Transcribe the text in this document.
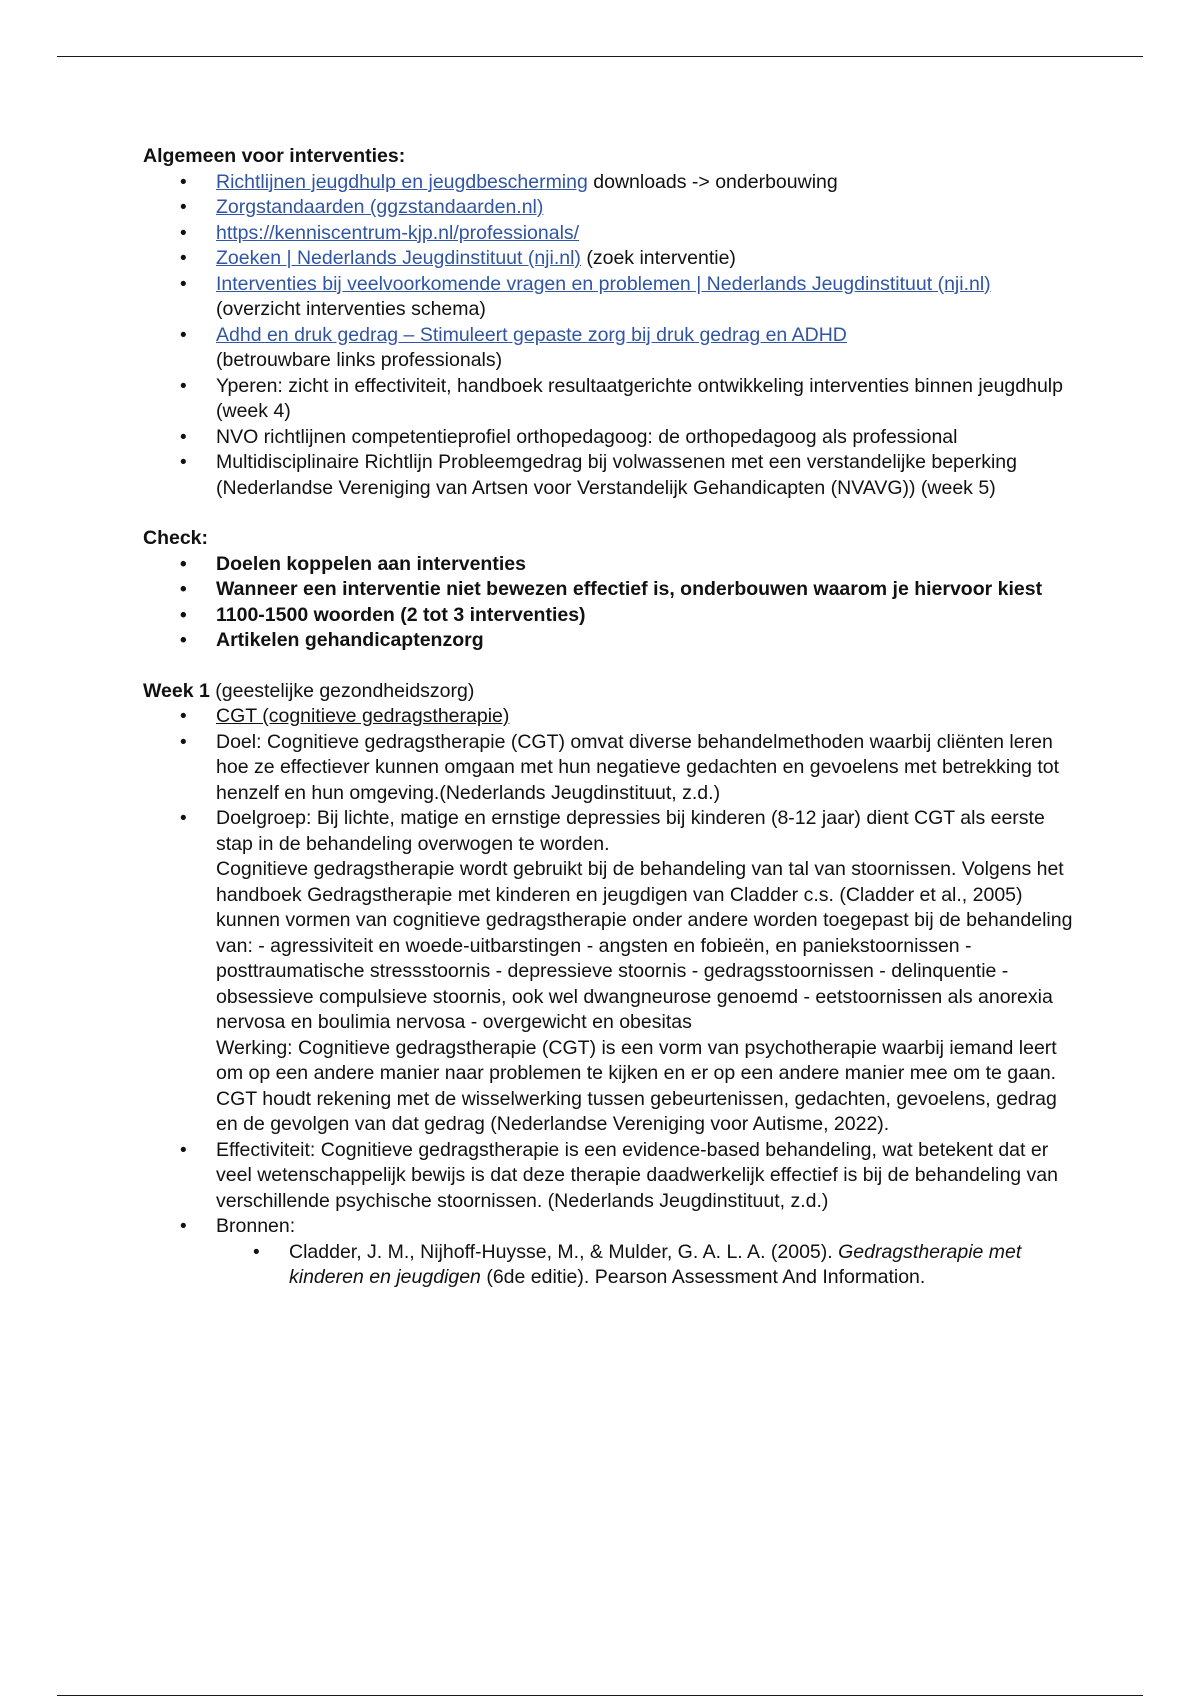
Algemeen voor interventies:

• Richtlijnen jeugdhulp en jeugdbescherming downloads -> onderbouwing
• Zorgstandaarden (ggzstandaarden.nl)
• https://kenniscentrum-kjp.nl/professionals/
• Zoeken | Nederlands Jeugdinstituut (nji.nl) (zoek interventie)
• Interventies bij veelvoorkomende vragen en problemen | Nederlands Jeugdinstituut (nji.nl) (overzicht interventies schema)
• Adhd en druk gedrag – Stimuleert gepaste zorg bij druk gedrag en ADHD
(betrouwbare links professionals)
• Yperen: zicht in effectiviteit, handboek resultaatgerichte ontwikkeling interventies binnen jeugdhulp (week 4)
• NVO richtlijnen competentieprofiel orthopedagoog: de orthopedagoog als professional
• Multidisciplinaire Richtlijn Probleemgedrag bij volwassenen met een verstandelijke beperking (Nederlandse Vereniging van Artsen voor Verstandelijk Gehandicapten (NVAVG)) (week 5)

Check:

• Doelen koppelen aan interventies
• Wanneer een interventie niet bewezen effectief is, onderbouwen waarom je hiervoor kiest
• 1100-1500 woorden (2 tot 3 interventies)
• Artikelen gehandicaptenzorg

Week 1 (geestelijke gezondheidszorg)

• CGT (cognitieve gedragstherapie)
• Doel: Cognitieve gedragstherapie (CGT) omvat diverse behandelmethoden waarbij cliënten leren hoe ze effectiever kunnen omgaan met hun negatieve gedachten en gevoelens met betrekking tot henzelf en hun omgeving.(Nederlands Jeugdinstituut, z.d.)

• Doelgroep: Bij lichte, matige en ernstige depressies bij kinderen (8-12 jaar) dient CGT als eerste stap in de behandeling overwogen te worden.

Cognitieve gedragstherapie wordt gebruikt bij de behandeling van tal van stoornissen. Volgens het handboek Gedragstherapie met kinderen en jeugdigen van Cladder c.s. (Cladder et al., 2005) kunnen vormen van cognitieve gedragstherapie onder andere worden toegepast bij de behandeling van: - agressiviteit en woede-uitbarstingen - angsten en fobieën, en paniekstoornissen - posttraumatische stressstoornis - depressieve stoornis - gedragsstoornissen - delinquentie - obsessieve compulsieve stoornis, ook wel dwangneurose genoemd - eetstoornissen als anorexia nervosa en boulimia nervosa - overgewicht en obesitas

Werking: Cognitieve gedragstherapie (CGT) is een vorm van psychotherapie waarbij iemand leert om op een andere manier naar problemen te kijken en er op een andere manier mee om te gaan. CGT houdt rekening met de wisselwerking tussen gebeurtenissen, gedachten, gevoelens, gedrag en de gevolgen van dat gedrag (Nederlandse Vereniging voor Autisme, 2022).

• Effectiviteit: Cognitieve gedragstherapie is een evidence-based behandeling, wat betekent dat er veel wetenschappelijk bewijs is dat deze therapie daadwerkelijk effectief is bij de behandeling van verschillende psychische stoornissen. (Nederlands Jeugdinstituut, z.d.)
• Bronnen:
• Cladder, J. M., Nijhoff-Huysse, M., & Mulder, G. A. L. A. (2005). Gedragstherapie met kinderen en jeugdigen (6de editie). Pearson Assessment And Information.
